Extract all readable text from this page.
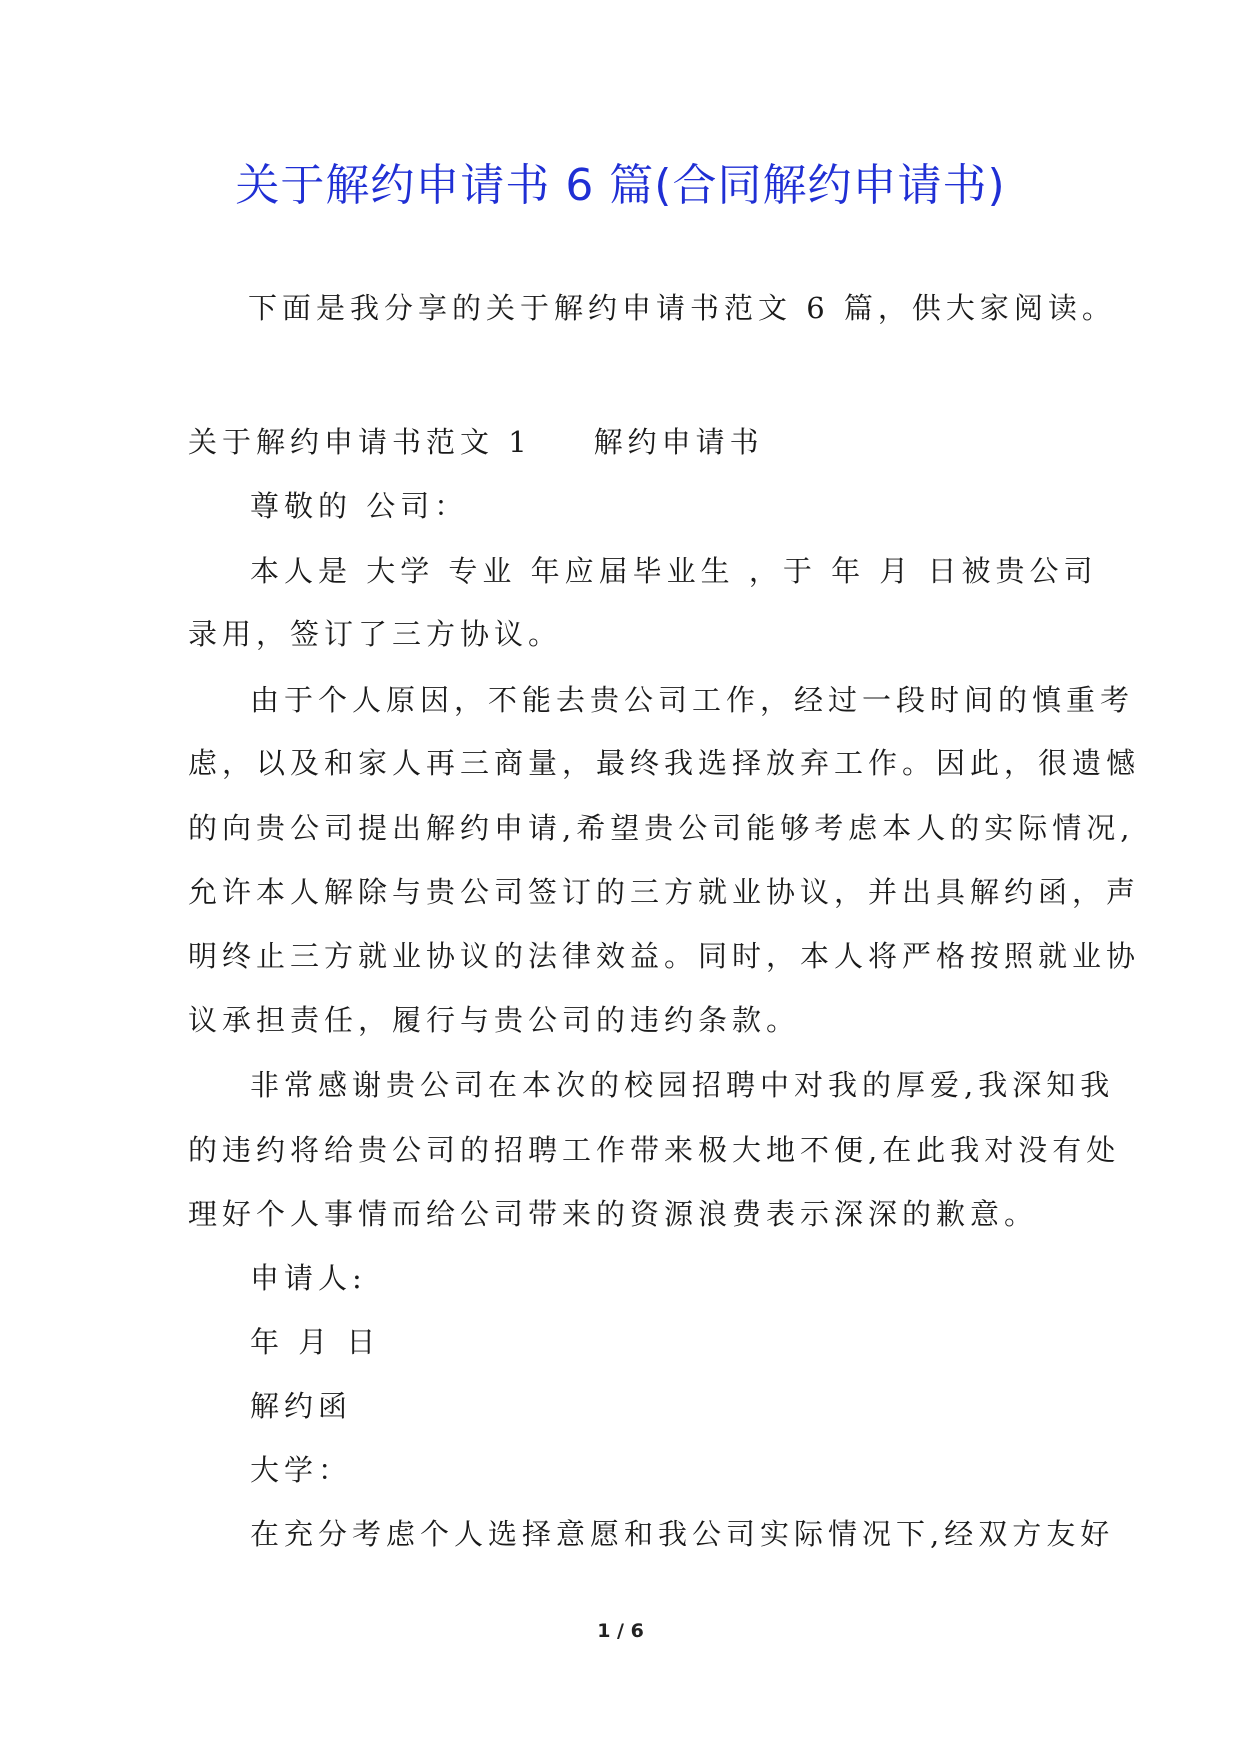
关于解约申请书 6 篇(合同解约申请书)
下面是我分享的关于解约申请书范文 6 篇，供大家阅读。
关于解约申请书范文 1 解约申请书
尊敬的 公司：
本人是 大学 专业 年应届毕业生 ，于 年 月 日被贵公司
录用，签订了三方协议。
由于个人原因，不能去贵公司工作，经过一段时间的慎重考
虑，以及和家人再三商量，最终我选择放弃工作。因此，很遗憾
的向贵公司提出解约申请,希望贵公司能够考虑本人的实际情况,
允许本人解除与贵公司签订的三方就业协议，并出具解约函，声
明终止三方就业协议的法律效益。同时，本人将严格按照就业协
议承担责任，履行与贵公司的违约条款。
非常感谢贵公司在本次的校园招聘中对我的厚爱,我深知我
的违约将给贵公司的招聘工作带来极大地不便,在此我对没有处
理好个人事情而给公司带来的资源浪费表示深深的歉意。
申请人:
年 月 日
解约函
大学：
在充分考虑个人选择意愿和我公司实际情况下,经双方友好
1 / 6
